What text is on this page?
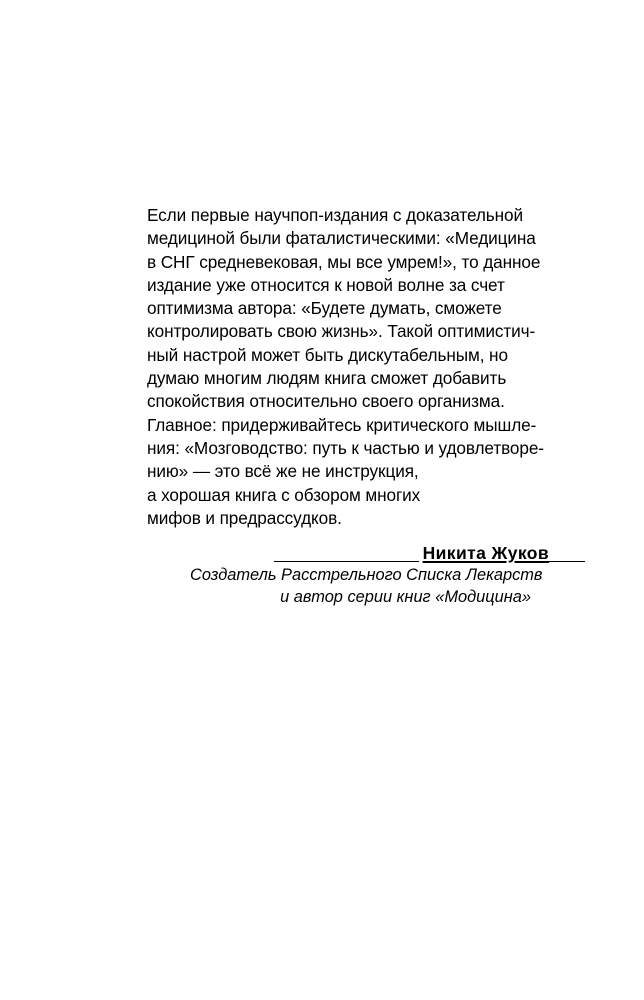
Если первые научпоп-издания с доказательной
медициной были фаталистическими: «Медицина
в СНГ средневековая, мы все умрем!», то данное
издание уже относится к новой волне за счет
оптимизма автора: «Будете думать, сможете
контролировать свою жизнь». Такой оптимистич-
ный настрой может быть дискутабельным, но
думаю многим людям книга сможет добавить
спокойствия относительно своего организма.
Главное: придерживайтесь критического мышле-
ния: «Мозговодство: путь к частью и удовлетворе-
нию» — это всё же не инструкция,
а хорошая книга с обзором многих
мифов и предрассудков.
Никита Жуков
Создатель Расстрельного Списка Лекарств
и автор серии книг «Модицина»
